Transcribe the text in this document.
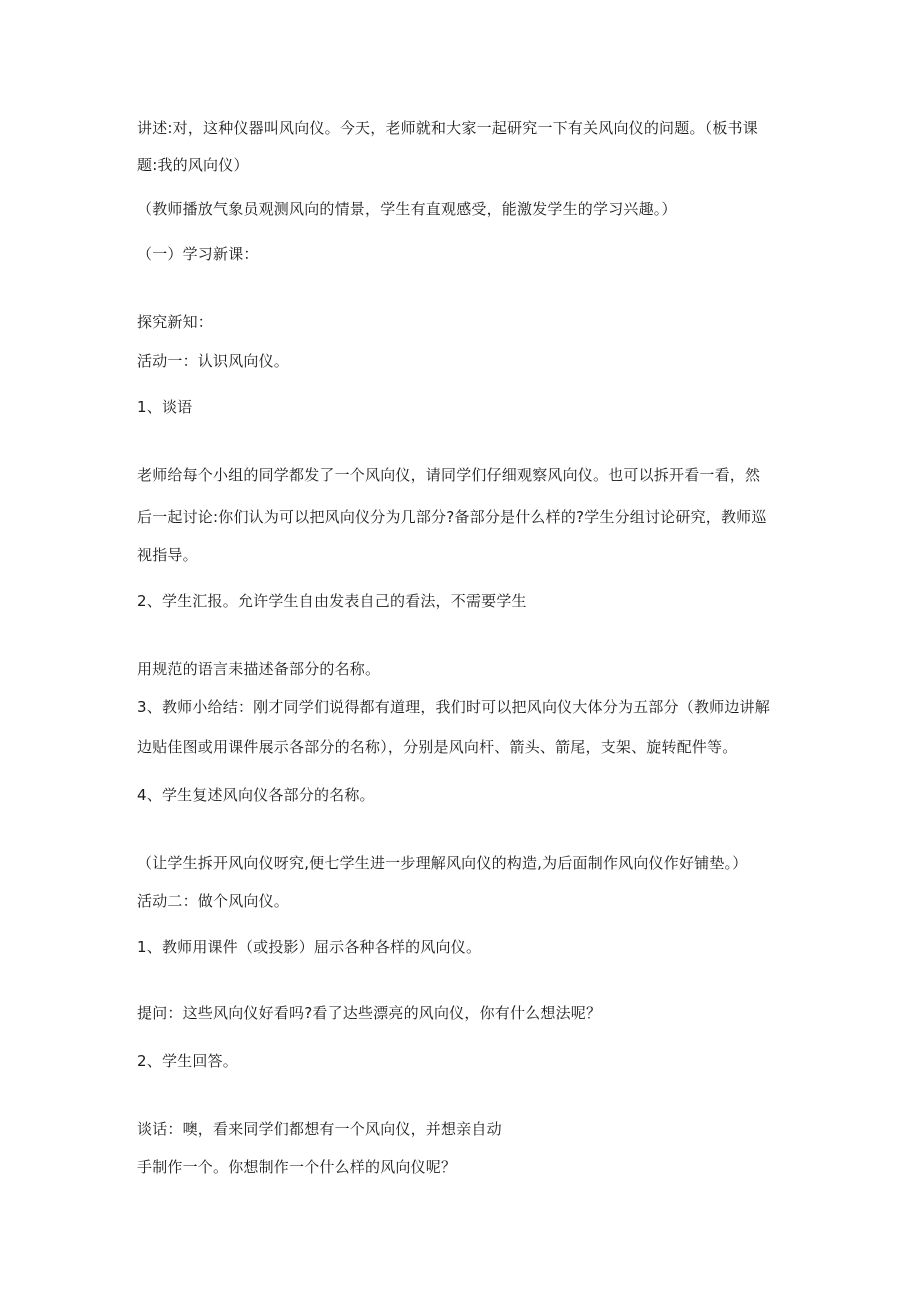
讲述:对，这种仪器叫风向仪。今天，老师就和大家一起研究一下有关风向仪的问题。（板书课
题:我的风向仪）
（教师播放气象员观测风向的情景，学生有直观感受，能激发学生的学习兴趣。）
（一）学习新课：
探究新知：
活动一：认识风向仪。
1、谈语
老师给每个小组的同学都发了一个风向仪，请同学们仔细观察风向仪。也可以拆开看一看，然
后一起讨论:你们认为可以把风向仪分为几部分?备部分是什么样的?学生分组讨论研究，教师巡
视指导。
2、学生汇报。允许学生自由发表自己的看法，不需要学生
用规范的语言耒描述备部分的名称。
3、教师小给结：刚才同学们说得都有道理，我们时可以把风向仪大体分为五部分（教师边讲解
边贴佳图或用课件展示各部分的名称），分别是风向杆、箭头、箭尾，支架、旋转配件等。
4、学生复述风向仪各部分的名称。
（让学生拆开风向仪呀究,便七学生进一步理解风向仪的构造,为后面制作风向仪作好铺垫。）
活动二：做个风向仪。
1、教师用课件（或投影）屈示各种各样的风向仪。
提问：这些风向仪好看吗?看了达些漂亮的风向仪，你有什么想法呢？
2、学生回答。
谈话：噢，看来同学们都想有一个风向仪，并想亲自动
手制作一个。你想制作一个什么样的风向仪呢？
